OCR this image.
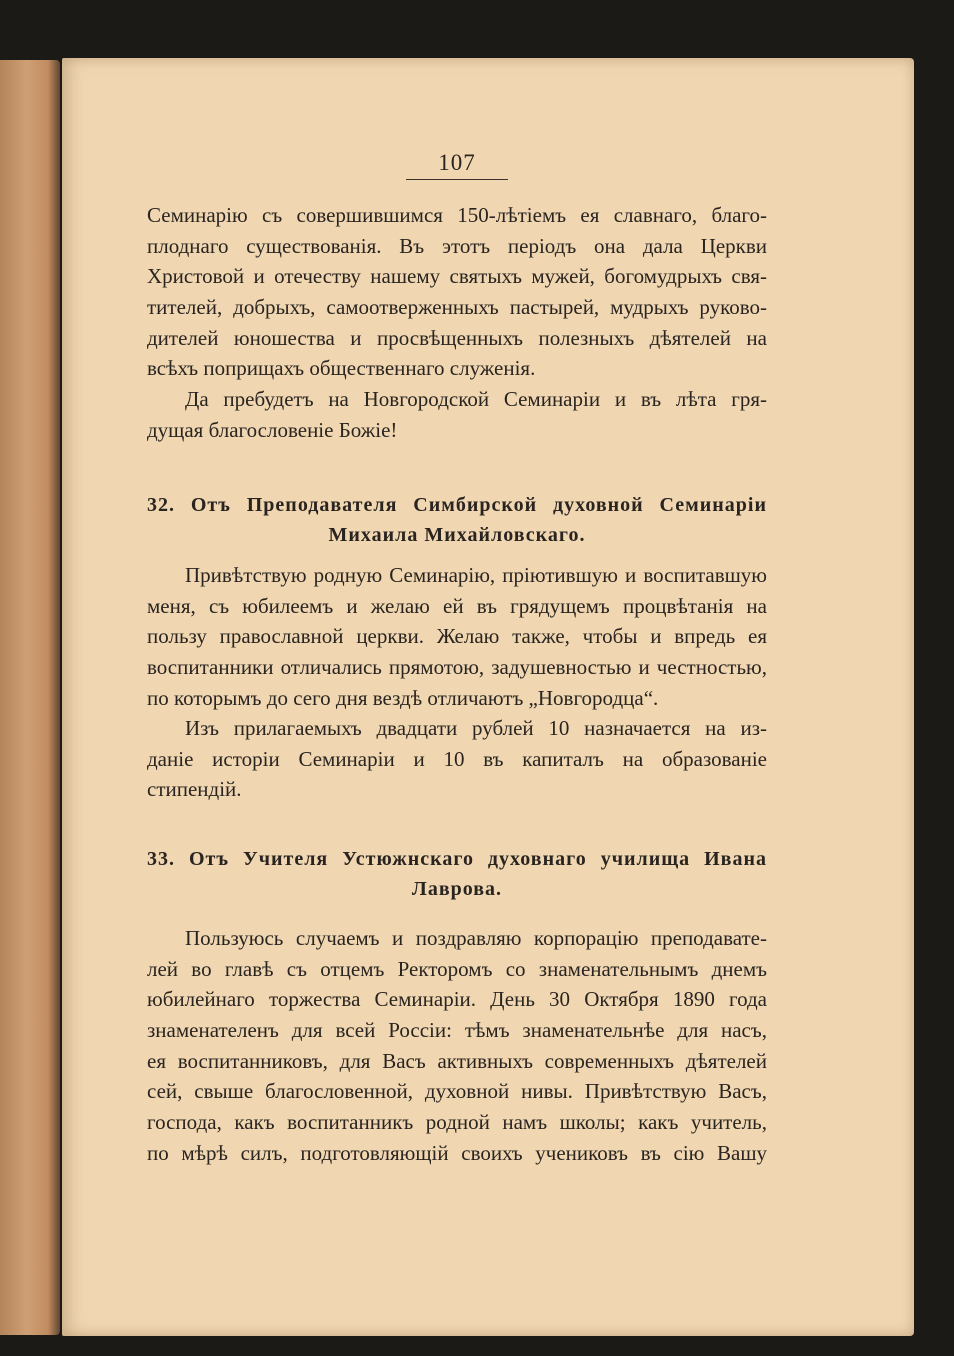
107
Семинарію съ совершившимся 150-лѣтіемъ ея славнаго, благо-
плоднаго существованія. Въ этотъ періодъ она дала Церкви
Христовой и отечеству нашему святыхъ мужей, богомудрыхъ свя-
тителей, добрыхъ, самоотверженныхъ пастырей, мудрыхъ руково-
дителей юношества и просвѣщенныхъ полезныхъ дѣятелей на
всѣхъ поприщахъ общественнаго служенія.
Да пребудетъ на Новгородской Семинаріи и въ лѣта гря-
дущая благословеніе Божіе!
32. Отъ Преподавателя Симбирской духовной Семинаріи
Михаила Михайловскаго.
Привѣтствую родную Семинарію, пріютившую и воспитавшую
меня, съ юбилеемъ и желаю ей въ грядущемъ процвѣтанія на
пользу православной церкви. Желаю также, чтобы и впредь ея
воспитанники отличались прямотою, задушевностью и честностью,
по которымъ до сего дня вездѣ отличаютъ „Новгородца“.
Изъ прилагаемыхъ двадцати рублей 10 назначается на из-
даніе исторіи Семинаріи и 10 въ капиталъ на образованіе
стипендій.
33. Отъ Учителя Устюжнскаго духовнаго училища Ивана
Лаврова.
Пользуюсь случаемъ и поздравляю корпорацію преподавате-
лей во главѣ съ отцемъ Ректоромъ со знаменательнымъ днемъ
юбилейнаго торжества Семинаріи. День 30 Октября 1890 года
знаменателенъ для всей Россіи: тѣмъ знаменательнѣе для насъ,
ея воспитанниковъ, для Васъ активныхъ современныхъ дѣятелей
сей, свыше благословенной, духовной нивы. Привѣтствую Васъ,
господа, какъ воспитанникъ родной намъ школы; какъ учитель,
по мѣрѣ силъ, подготовляющій своихъ учениковъ въ сію Вашу
